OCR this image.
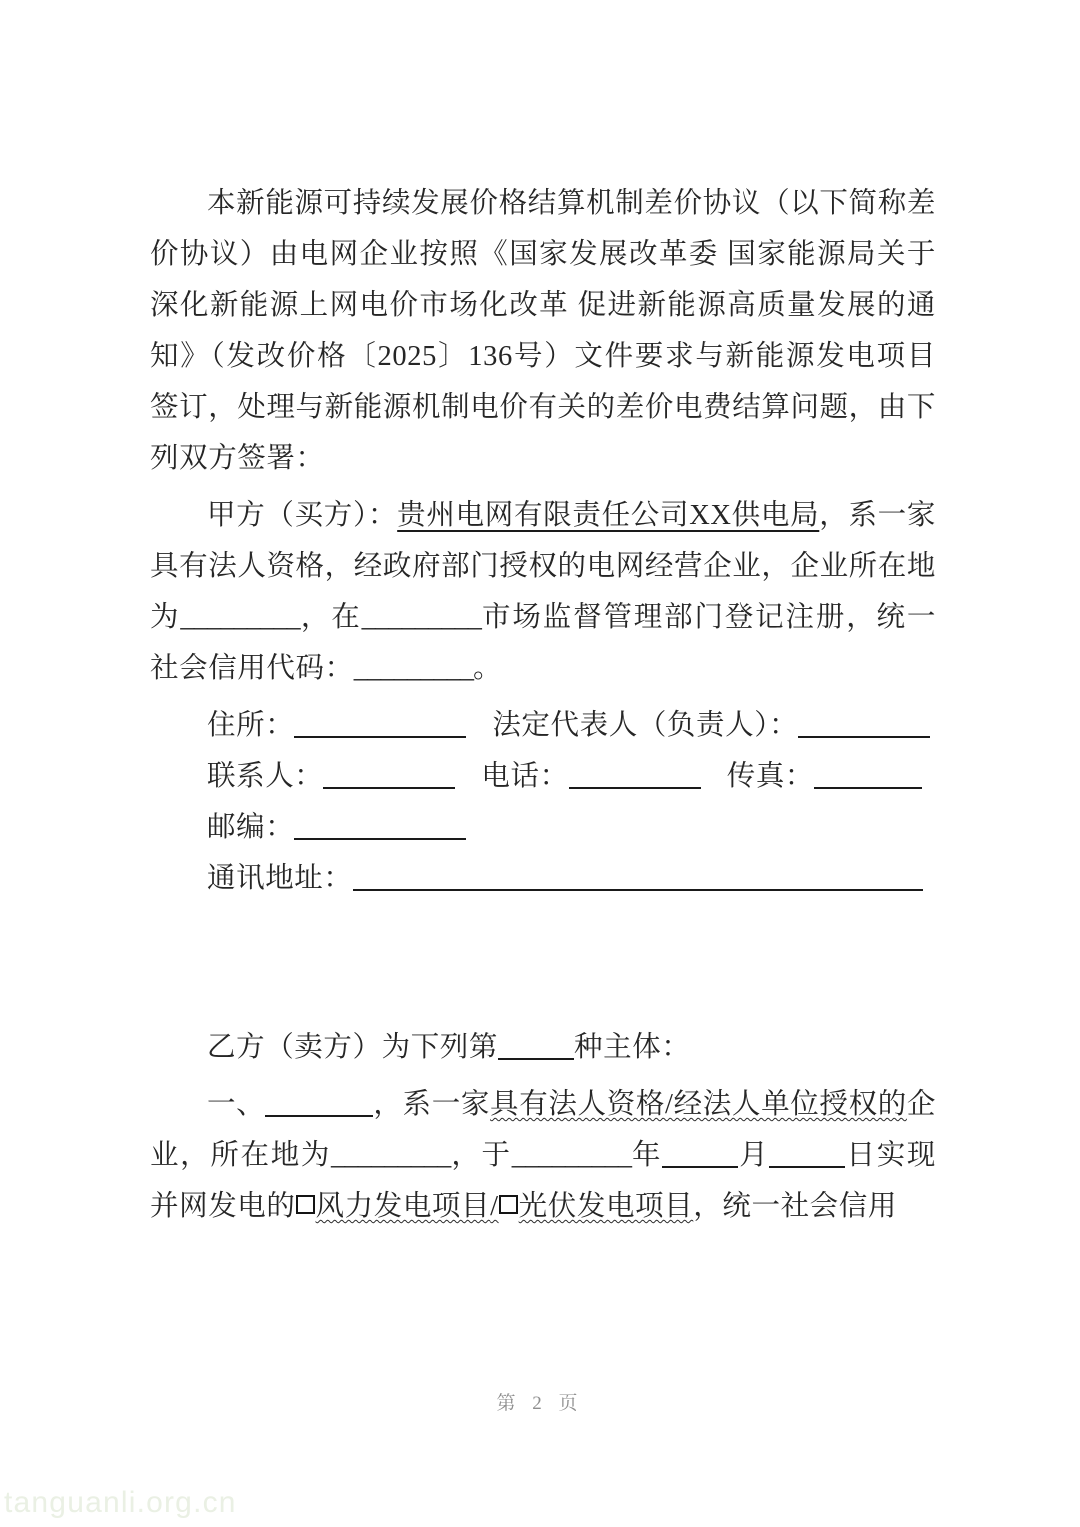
本新能源可持续发展价格结算机制差价协议（以下简称差价协议）由电网企业按照《国家发展改革委 国家能源局关于深化新能源上网电价市场化改革 促进新能源高质量发展的通知》（发改价格〔2025〕136号）文件要求与新能源发电项目签订，处理与新能源机制电价有关的差价电费结算问题，由下列双方签署：

甲方（买方）：贵州电网有限责任公司XX供电局，系一家具有法人资格，经政府部门授权的电网经营企业，企业所在地为_________，在_________市场监督管理部门登记注册，统一社会信用代码：_________。

住所：	法定代表人（负责人）：
联系人：	电话：	传真：
邮编：
通讯地址：

乙方（卖方）为下列第	种主体：

一、	，系一家具有法人资格/经法人单位授权的企业，所在地为_________，于_________年	月	日实现并网发电的 风力发电项目/ 光伏发电项目，统一社会信用

第 2 页
tanguanli.org.cn
